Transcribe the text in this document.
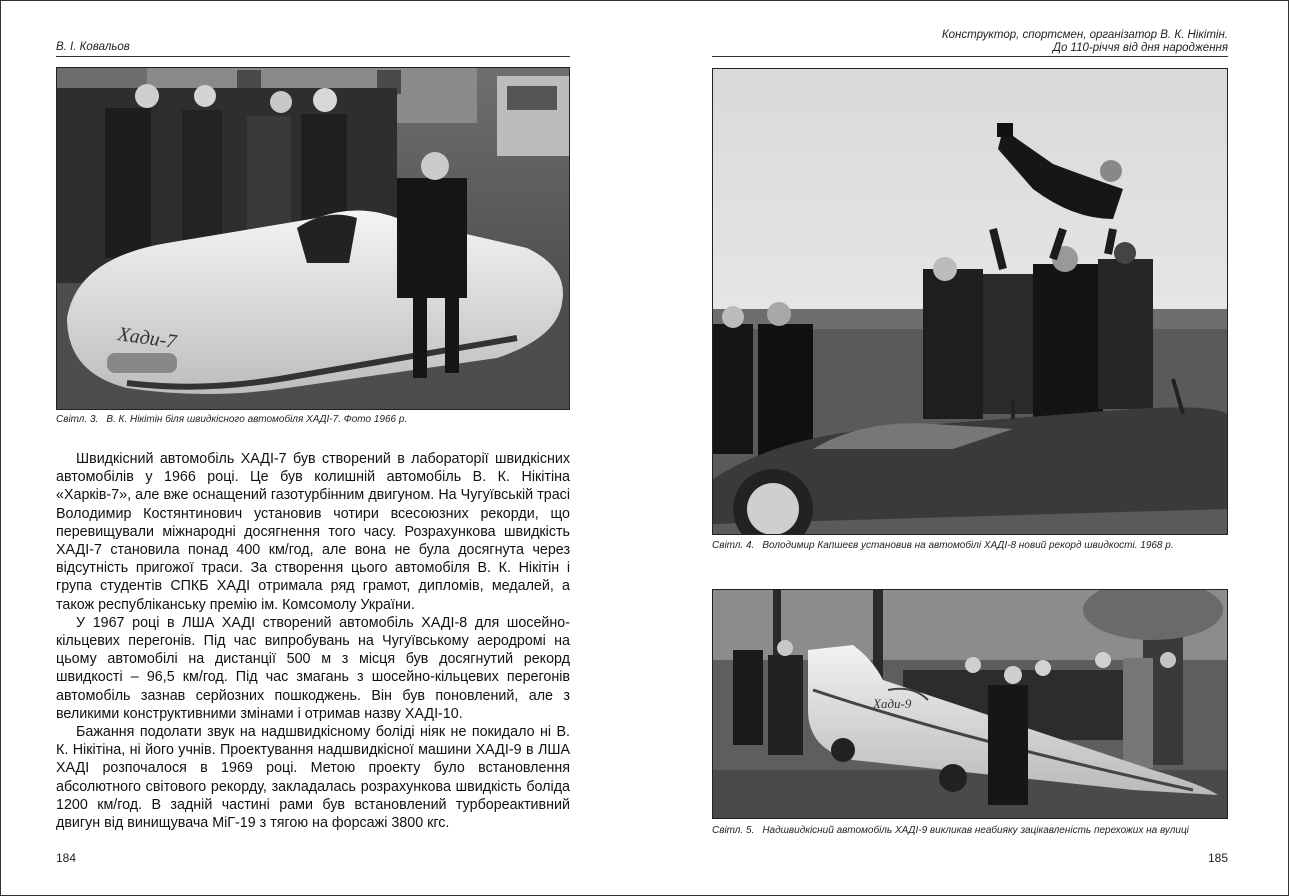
В. І. Ковальов
Хади-7
Світл. 3. В. К. Нікітін біля швидкісного автомобіля ХАДІ-7. Фото 1966 р.

Швидкісний автомобіль ХАДІ-7 був створений в лабораторії швидкісних автомобілів у 1966 році. Це був колишній автомобіль В. К. Нікітіна «Харків-7», але вже оснащений газотурбінним двигуном. На Чугуївській трасі Володимир Костянтинович установив чотири всесоюзних рекорди, що перевищували міжнародні досягнення того часу. Розрахункова швидкість ХАДІ-7 становила понад 400 км/год, але вона не була досягнута через відсутність пригожої траси. За створення цього автомобіля В. К. Нікітін і група студентів СПКБ ХАДІ отримала ряд грамот, дипломів, медалей, а також республіканську премію ім. Комсомолу України.

У 1967 році в ЛША ХАДІ створений автомобіль ХАДІ-8 для шосейно-кільцевих перегонів. Під час випробувань на Чугуївському аеродромі на цьому автомобілі на дистанції 500 м з місця був досягнутий рекорд швидкості – 96,5 км/год. Під час змагань з шосейно-кільцевих перегонів автомобіль зазнав серйозних пошкоджень. Він був поновлений, але з великими конструктивними змінами і отримав назву ХАДІ-10.

Бажання подолати звук на надшвидкісному боліді ніяк не покидало ні В. К. Нікітіна, ні його учнів. Проектування надшвидкісної машини ХАДІ-9 в ЛША ХАДІ розпочалося в 1969 році. Метою проекту було встановлення абсолютного світового рекорду, закладалась розрахункова швидкість боліда 1200 км/год. В задній частині рами був встановлений турбореактивний двигун від винищувача МіГ-19 з тягою на форсажі 3800 кгс.

184
Конструктор, спортсмен, організатор В. К. Нікітін.
До 110-річчя від дня народження
Світл. 4. Володимир Капшеєв установив на автомобілі ХАДІ-8 новий рекорд швидкості. 1968 р.
Хади-9
Світл. 5. Надшвидкісний автомобіль ХАДІ-9 викликав неабияку зацікавленість перехожих на вулиці
185
